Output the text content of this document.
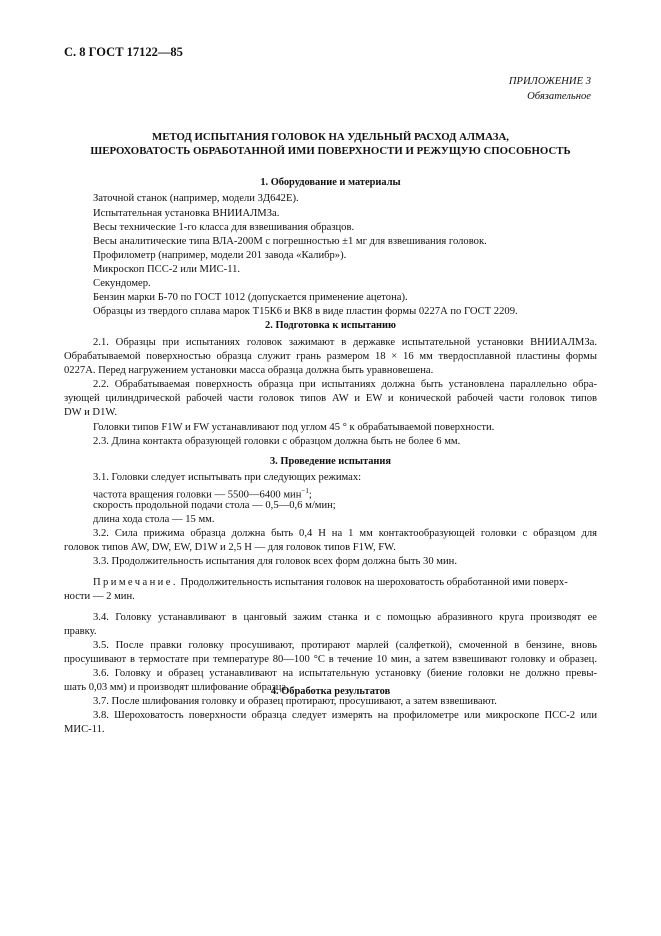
С. 8 ГОСТ 17122—85
ПРИЛОЖЕНИЕ 3
Обязательное
МЕТОД ИСПЫТАНИЯ ГОЛОВОК НА УДЕЛЬНЫЙ РАСХОД АЛМАЗА,
ШЕРОХОВАТОСТЬ ОБРАБОТАННОЙ ИМИ ПОВЕРХНОСТИ И РЕЖУЩУЮ СПОСОБНОСТЬ
1. Оборудование и материалы
Заточной станок (например, модели 3Д642Е).
Испытательная установка ВНИИАЛМЗа.
Весы технические 1-го класса для взвешивания образцов.
Весы аналитические типа ВЛА-200М с погрешностью ±1 мг для взвешивания головок.
Профилометр (например, модели 201 завода «Калибр»).
Микроскоп ПСС-2 или МИС-11.
Секундомер.
Бензин марки Б-70 по ГОСТ 1012 (допускается применение ацетона).
Образцы из твердого сплава марок Т15К6 и ВК8 в виде пластин формы 0227А по ГОСТ 2209.
2. Подготовка к испытанию
2.1. Образцы при испытаниях головок зажимают в державке испытательной установки ВНИИАЛМЗа.
Обрабатываемой поверхностью образца служит грань размером 18 × 16 мм твердосплавной пластины формы
0227А. Перед нагружением установки масса образца должна быть уравновешена.
2.2. Обрабатываемая поверхность образца при испытаниях должна быть установлена параллельно обра-
зующей цилиндрической рабочей части головок типов AW и EW и конической рабочей части головок типов
DW и D1W.
Головки типов F1W и FW устанавливают под углом 45 ° к обрабатываемой поверхности.
2.3. Длина контакта образующей головки с образцом должна быть не более 6 мм.
3. Проведение испытания
3.1. Головки следует испытывать при следующих режимах:
частота вращения головки — 5500—6400 мин$^{-1}$;
скорость продольной подачи стола — 0,5—0,6 м/мин;
длина хода стола — 15 мм.
3.2. Сила прижима образца должна быть 0,4 Н на 1 мм контактообразующей головки с образцом для
головок типов AW, DW, EW, D1W и 2,5 Н — для головок типов F1W, FW.
3.3. Продолжительность испытания для головок всех форм должна быть 30 мин.
Примечание. Продолжительность испытания головок на шероховатость обработанной ими поверх-
ности — 2 мин.
3.4. Головку устанавливают в цанговый зажим станка и с помощью абразивного круга производят ее
правку.
3.5. После правки головку просушивают, протирают марлей (салфеткой), смоченной в бензине, вновь
просушивают в термостате при температуре 80—100 °С в течение 10 мин, а затем взвешивают головку и образец.
3.6. Головку и образец устанавливают на испытательную установку (биение головки не должно превы-
шать 0,03 мм) и производят шлифование образца.
3.7. После шлифования головку и образец протирают, просушивают, а затем взвешивают.
3.8. Шероховатость поверхности образца следует измерять на профилометре или микроскопе ПСС-2 или
МИС-11.
4. Обработка результатов
